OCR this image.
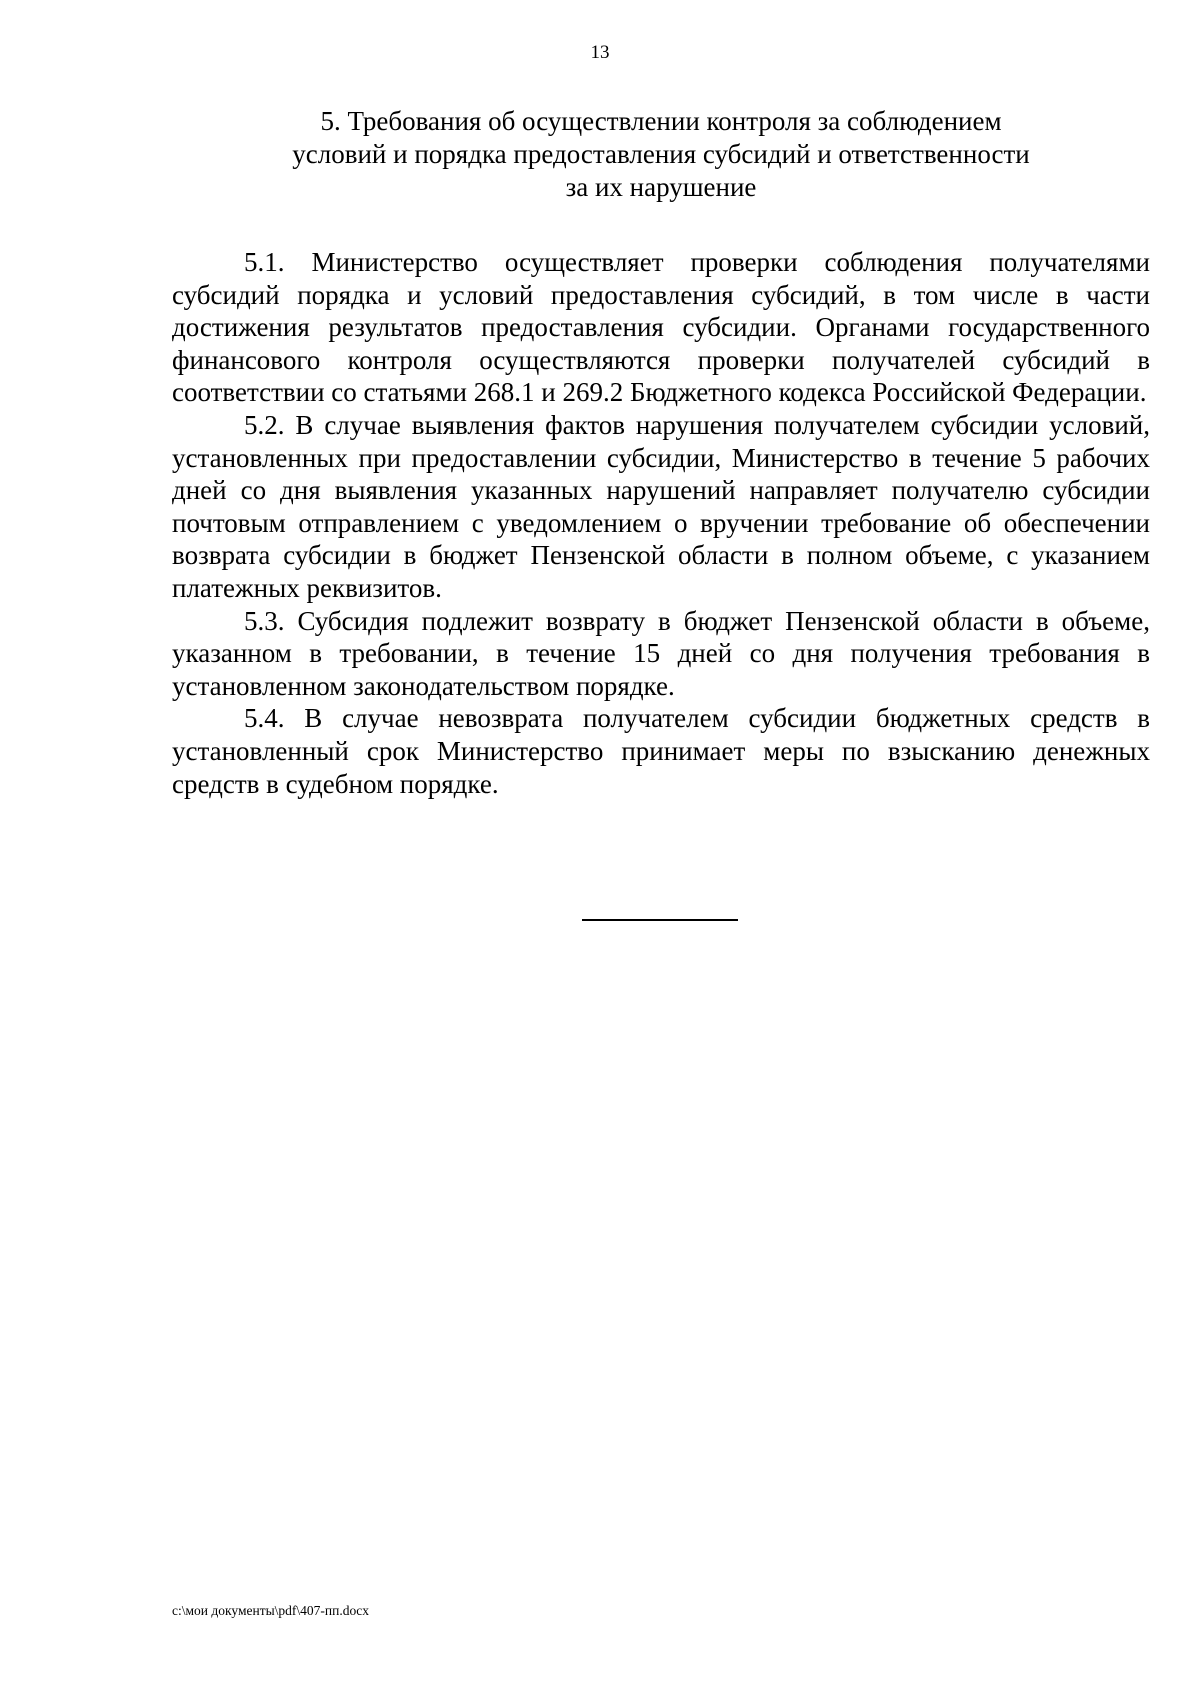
13
5. Требования об осуществлении контроля за соблюдением
условий и порядка предоставления субсидий и ответственности
за их нарушение

5.1. Министерство осуществляет проверки соблюдения получателями субсидий порядка и условий предоставления субсидий, в том числе в части достижения результатов предоставления субсидии. Органами государственного финансового контроля осуществляются проверки получателей субсидий в соответствии со статьями 268.1 и 269.2 Бюджетного кодекса Российской Федерации.

5.2. В случае выявления фактов нарушения получателем субсидии условий, установленных при предоставлении субсидии, Министерство в течение 5 рабочих дней со дня выявления указанных нарушений направляет получателю субсидии почтовым отправлением с уведомлением о вручении требование об обеспечении возврата субсидии в бюджет Пензенской области в полном объеме, с указанием платежных реквизитов.

5.3. Субсидия подлежит возврату в бюджет Пензенской области в объеме, указанном в требовании, в течение 15 дней со дня получения требования в установленном законодательством порядке.

5.4. В случае невозврата получателем субсидии бюджетных средств в установленный срок Министерство принимает меры по взысканию денежных средств в судебном порядке.

c:\мои документы\pdf\407-пп.docx
